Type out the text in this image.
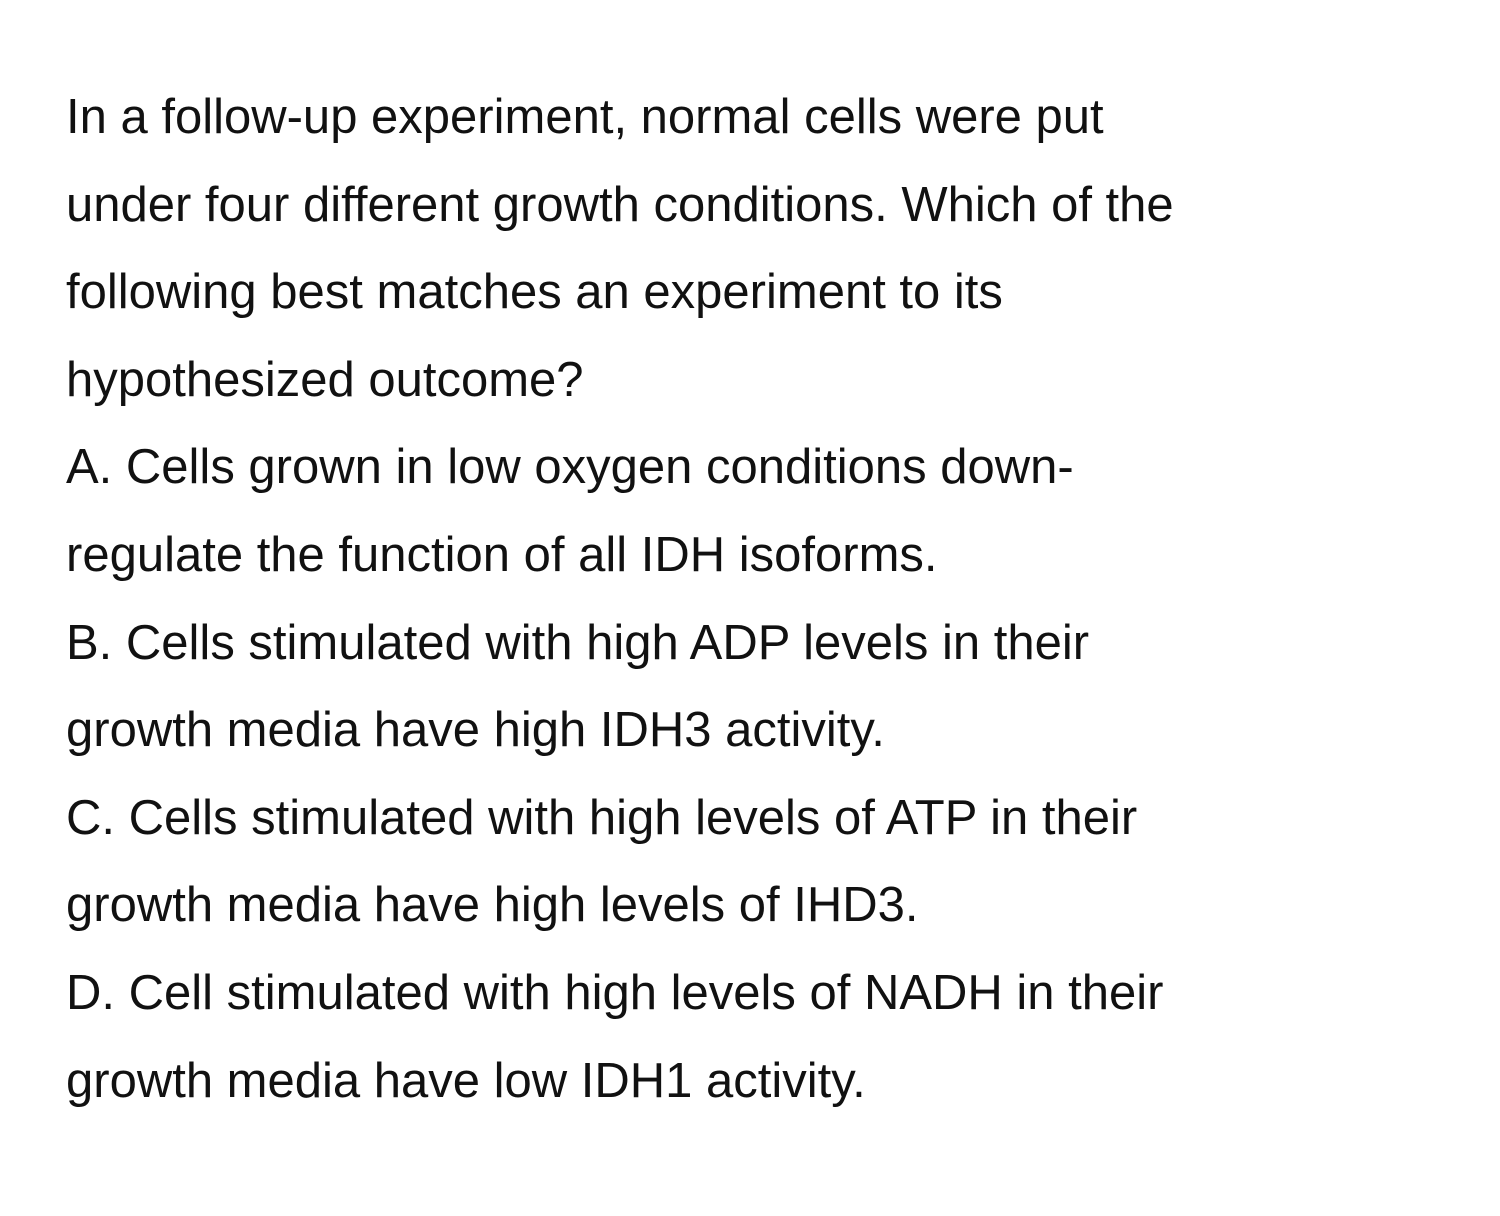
In a follow-up experiment, normal cells were put
under four different growth conditions. Which of the
following best matches an experiment to its
hypothesized outcome?
A. Cells grown in low oxygen conditions down-
regulate the function of all IDH isoforms.
B. Cells stimulated with high ADP levels in their
growth media have high IDH3 activity.
C. Cells stimulated with high levels of ATP in their
growth media have high levels of IHD3.
D. Cell stimulated with high levels of NADH in their
growth media have low IDH1 activity.
